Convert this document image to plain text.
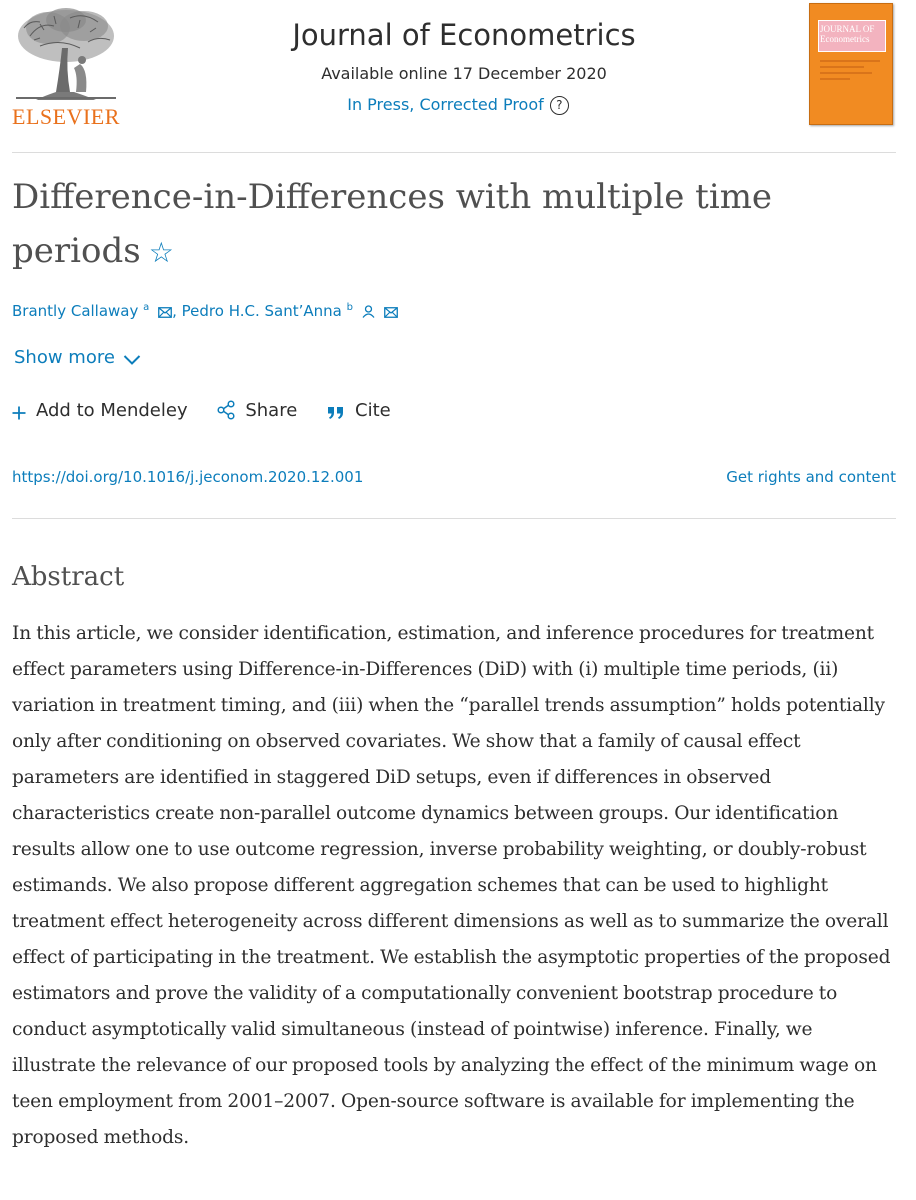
ELSEVIER
Journal of Econometrics
Available online 17 December 2020
In Press, Corrected Proof ?
JOURNAL OF Econometrics
Difference-in-Differences with multiple time periods ☆
Brantly Callaway $^a$ , Pedro H.C. Sant’Anna $^b$
Show more
Add to Mendeley	Share	Cite
https://doi.org/10.1016/j.jeconom.2020.12.001	Get rights and content
Abstract

In this article, we consider identification, estimation, and inference procedures for treatment effect parameters using Difference-in-Differences (DiD) with (i) multiple time periods, (ii) variation in treatment timing, and (iii) when the “parallel trends assumption” holds potentially only after conditioning on observed covariates. We show that a family of causal effect parameters are identified in staggered DiD setups, even if differences in observed characteristics create non-parallel outcome dynamics between groups. Our identification results allow one to use outcome regression, inverse probability weighting, or doubly-robust estimands. We also propose different aggregation schemes that can be used to highlight treatment effect heterogeneity across different dimensions as well as to summarize the overall effect of participating in the treatment. We establish the asymptotic properties of the proposed estimators and prove the validity of a computationally convenient bootstrap procedure to conduct asymptotically valid simultaneous (instead of pointwise) inference. Finally, we illustrate the relevance of our proposed tools by analyzing the effect of the minimum wage on teen employment from 2001–2007. Open-source software is available for implementing the proposed methods.
